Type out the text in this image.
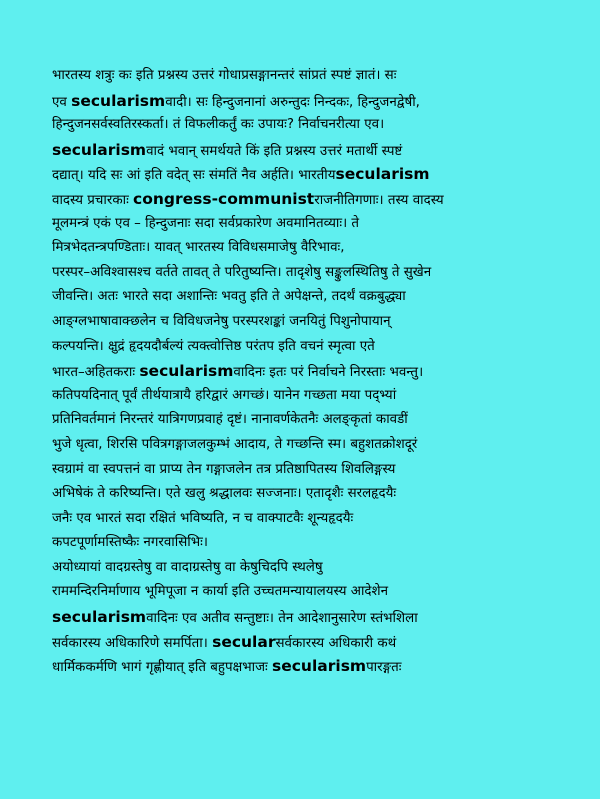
भारतस्य शत्रुः कः इति प्रश्नस्य उत्तरं गोधाप्रसङ्गानन्तरं सांप्रतं स्पष्टं ज्ञातं। सः
एव secularismवादी। सः हिन्दुजनानां अरुन्तुदः निन्दकः, हिन्दुजनद्वेषी,
हिन्दुजनसर्वस्वतिरस्कर्ता। तं विफलीकर्तुं कः उपायः? निर्वाचनरीत्या एव।
secularismवादं भवान् समर्थयते किं इति प्रश्नस्य उत्तरं मतार्थी स्पष्टं
दद्यात्। यदि सः आं इति वदेत् सः संमतिं नैव अर्हति। भारतीयsecularism
वादस्य प्रचारकाः congress-communistराजनीतिगणाः। तस्य वादस्य
मूलमन्त्रं एकं एव – हिन्दुजनाः सदा सर्वप्रकारेण अवमानितव्याः। ते
मित्रभेदतन्त्रपण्डिताः। यावत् भारतस्य विविधसमाजेषु वैरिभावः,
परस्पर–अविश्वासश्च वर्तते तावत् ते परितुष्यन्ति। तादृशेषु सङ्कुलस्थितिषु ते सुखेन
जीवन्ति। अतः भारते सदा अशान्तिः भवतु इति ते अपेक्षन्ते, तदर्थं वक्रबुद्ध्या
आङ्ग्लभाषावाक्छलेन च विविधजनेषु परस्परशङ्कां जनयितुं पिशुनोपायान्
कल्पयन्ति। क्षुद्रं हृदयदौर्बल्यं त्यक्त्वोत्तिष्ठ परंतप इति वचनं स्मृत्वा एते
भारत–अहितकराः secularismवादिनः इतः परं निर्वाचने निरस्ताः भवन्तु।
कतिपयदिनात् पूर्वं तीर्थयात्रायै हरिद्वारं अगच्छं। यानेन गच्छता मया पद्भ्यां
प्रतिनिवर्तमानं निरन्तरं यात्रिगणप्रवाहं दृष्टं। नानावर्णकेतनैः अलङ्कृतां कावडीं
भुजे धृत्वा, शिरसि पवित्रगङ्गाजलकुम्भं आदाय, ते गच्छन्ति स्म। बहुशतक्रोशदूरं
स्वग्रामं वा स्वपत्तनं वा प्राप्य तेन गङ्गाजलेन तत्र प्रतिष्ठापितस्य शिवलिङ्गस्य
अभिषेकं ते करिष्यन्ति। एते खलु श्रद्धालवः सज्जनाः। एतादृशैः सरलहृदयैः
जनैः एव भारतं सदा रक्षितं भविष्यति, न च वाक्पाटवैः शून्यहृदयैः
कपटपूर्णामस्तिष्कैः नगरवासिभिः।
अयोध्यायां वादग्रस्तेषु वा वादाग्रस्तेषु वा केषुचिदपि स्थलेषु
राममन्दिरनिर्माणाय भूमिपूजा न कार्या इति उच्चतमन्यायालयस्य आदेशेन
secularismवादिनः एव अतीव सन्तुष्टाः। तेन आदेशानुसारेण स्तंभशिला
सर्वकारस्य अधिकारिणे समर्पिता। secularसर्वकारस्य अधिकारी कथं
धार्मिककर्मणि भागं गृह्णीयात् इति बहुपक्षभाजः secularismपारङ्गतः
